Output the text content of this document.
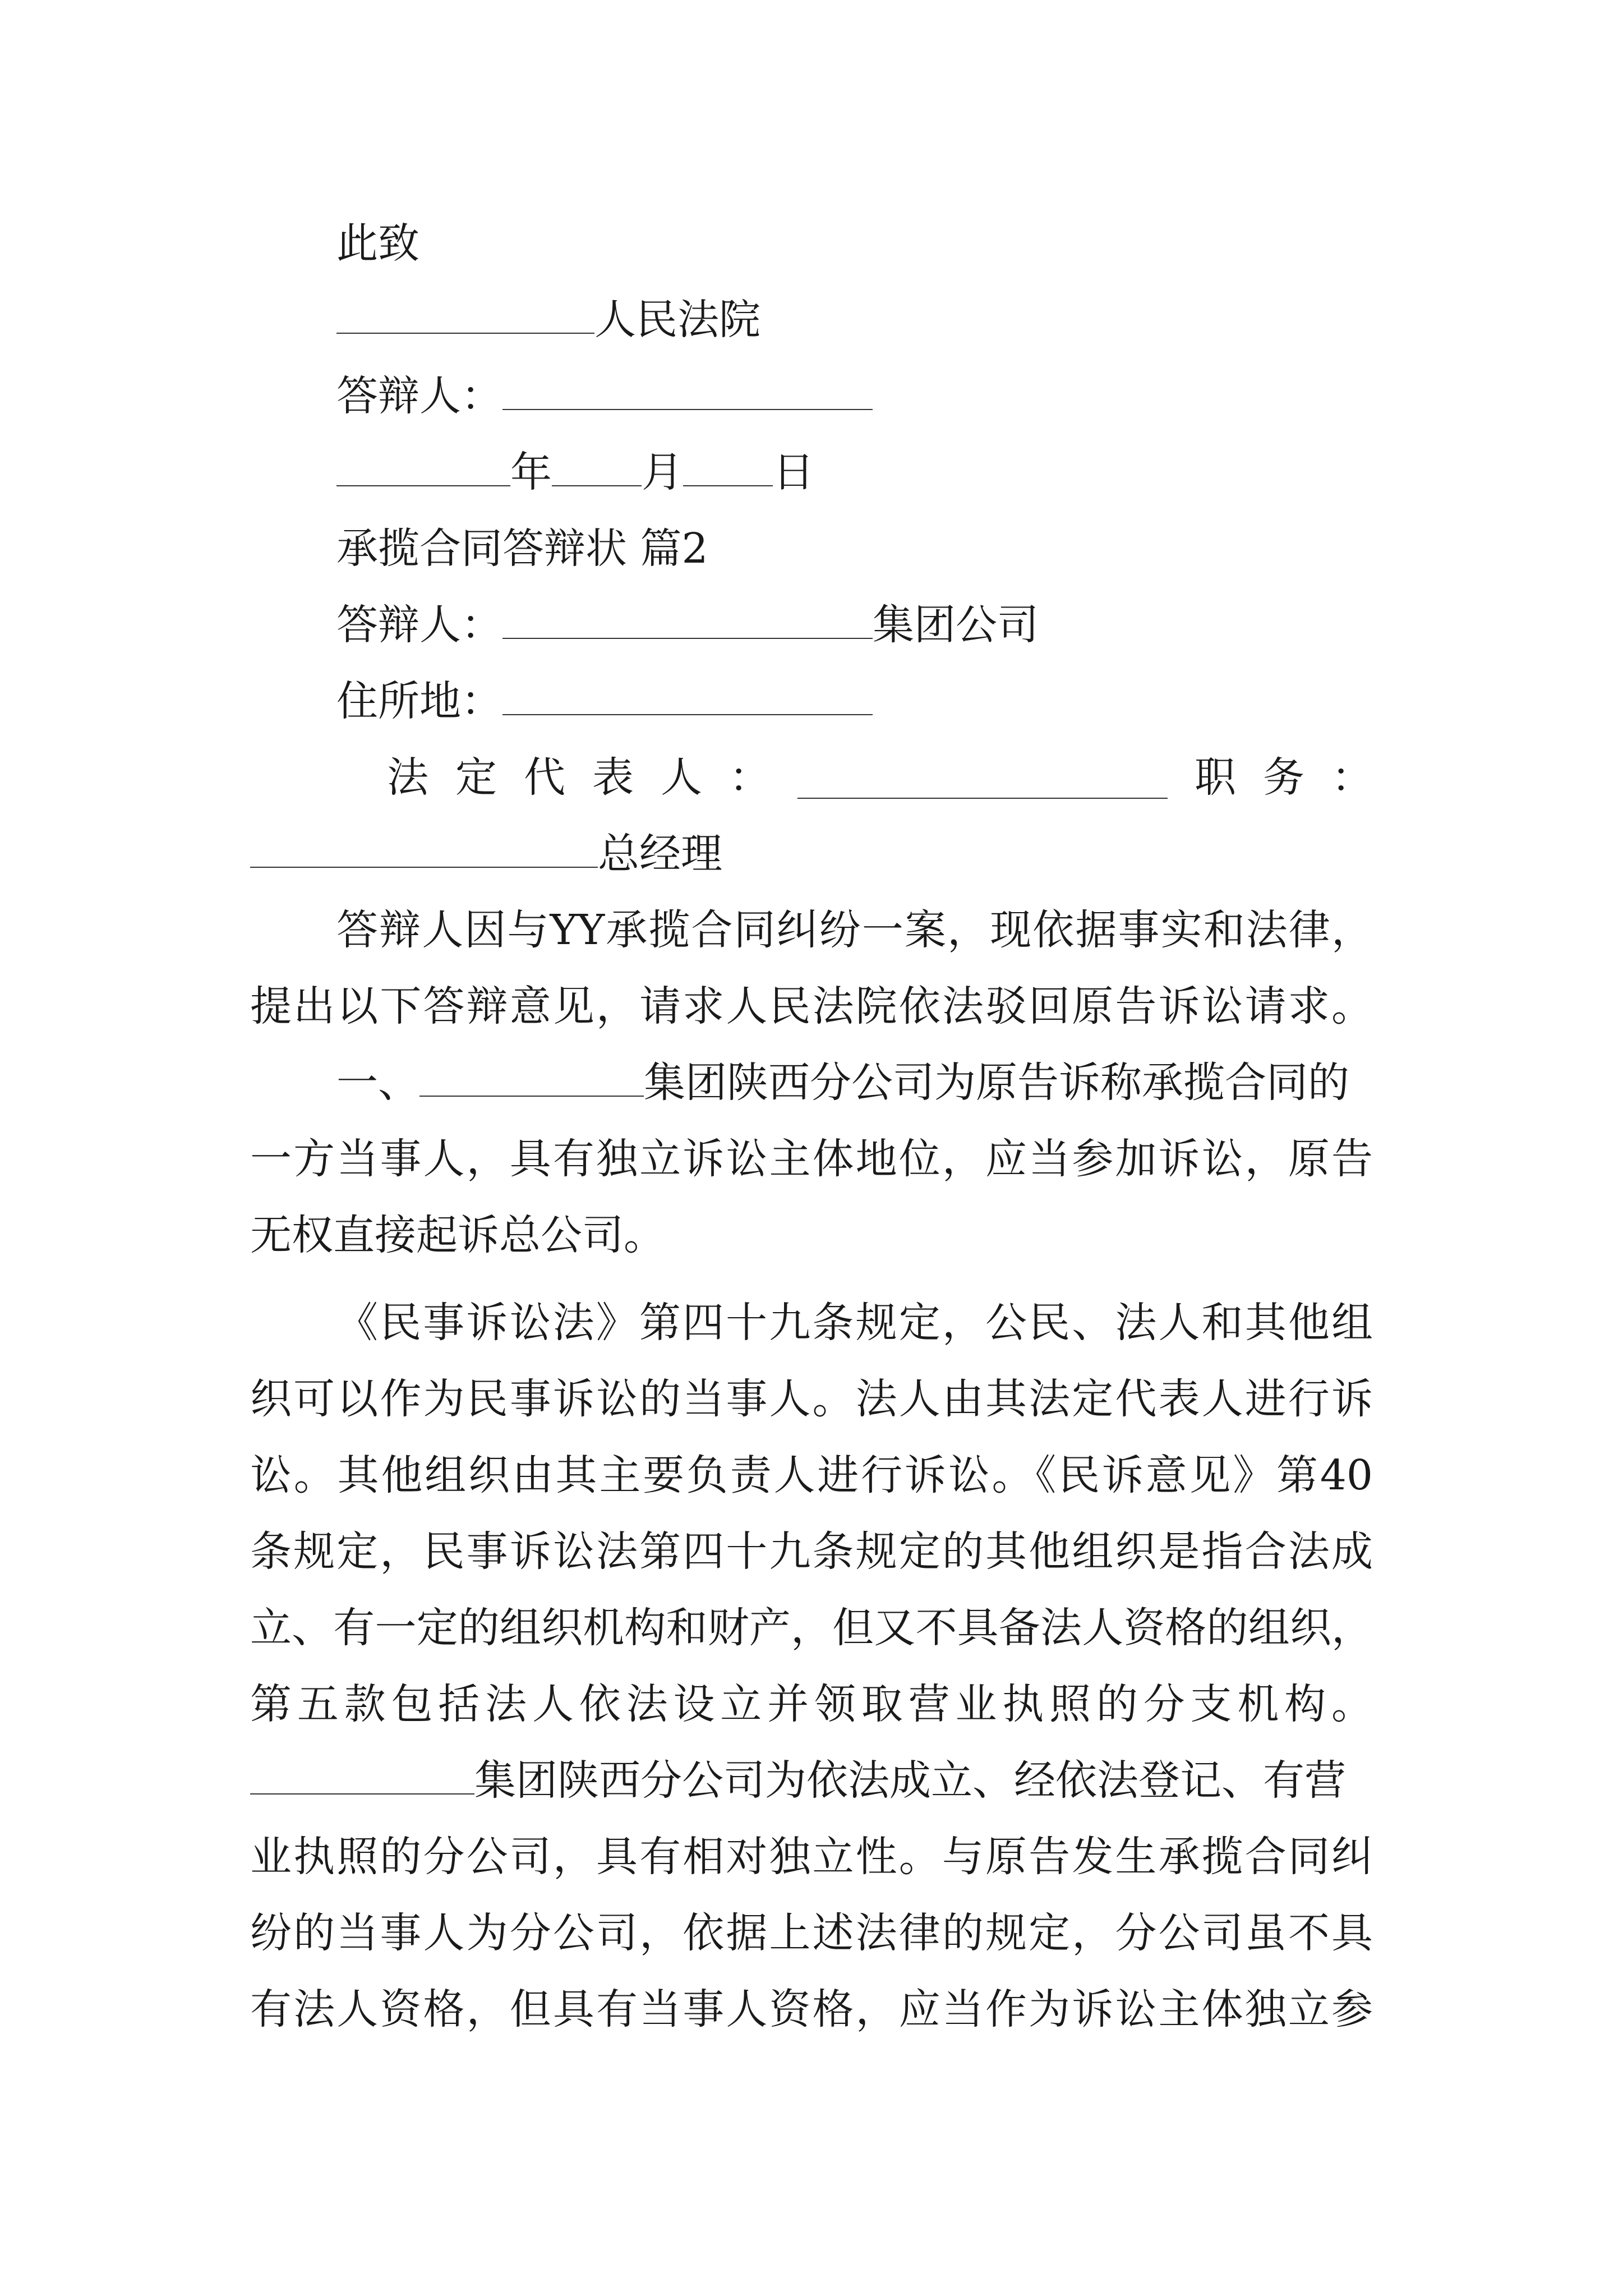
此致
人民法院
答辩人：
年 月 日
承揽合同答辩状 篇2
答辩人：	集团公司
住所地：
法 定 代 表 人 ：	职 务 ：
总经理
答辩人因与YY承揽合同纠纷一案，现依据事实和法律，
提出以下答辩意见，请求人民法院依法驳回原告诉讼请求。
一、	集团陕西分公司为原告诉称承揽合同的
一方当事人，具有独立诉讼主体地位，应当参加诉讼，原告
无权直接起诉总公司。
《民事诉讼法》第四十九条规定，公民、法人和其他组
织可以作为民事诉讼的当事人。法人由其法定代表人进行诉
讼。其他组织由其主要负责人进行诉讼。《民诉意见》第40
条规定，民事诉讼法第四十九条规定的其他组织是指合法成
立、有一定的组织机构和财产，但又不具备法人资格的组织，
第五款包括法人依法设立并领取营业执照的分支机构。
集团陕西分公司为依法成立、经依法登记、有营
业执照的分公司，具有相对独立性。与原告发生承揽合同纠
纷的当事人为分公司，依据上述法律的规定，分公司虽不具
有法人资格，但具有当事人资格，应当作为诉讼主体独立参
